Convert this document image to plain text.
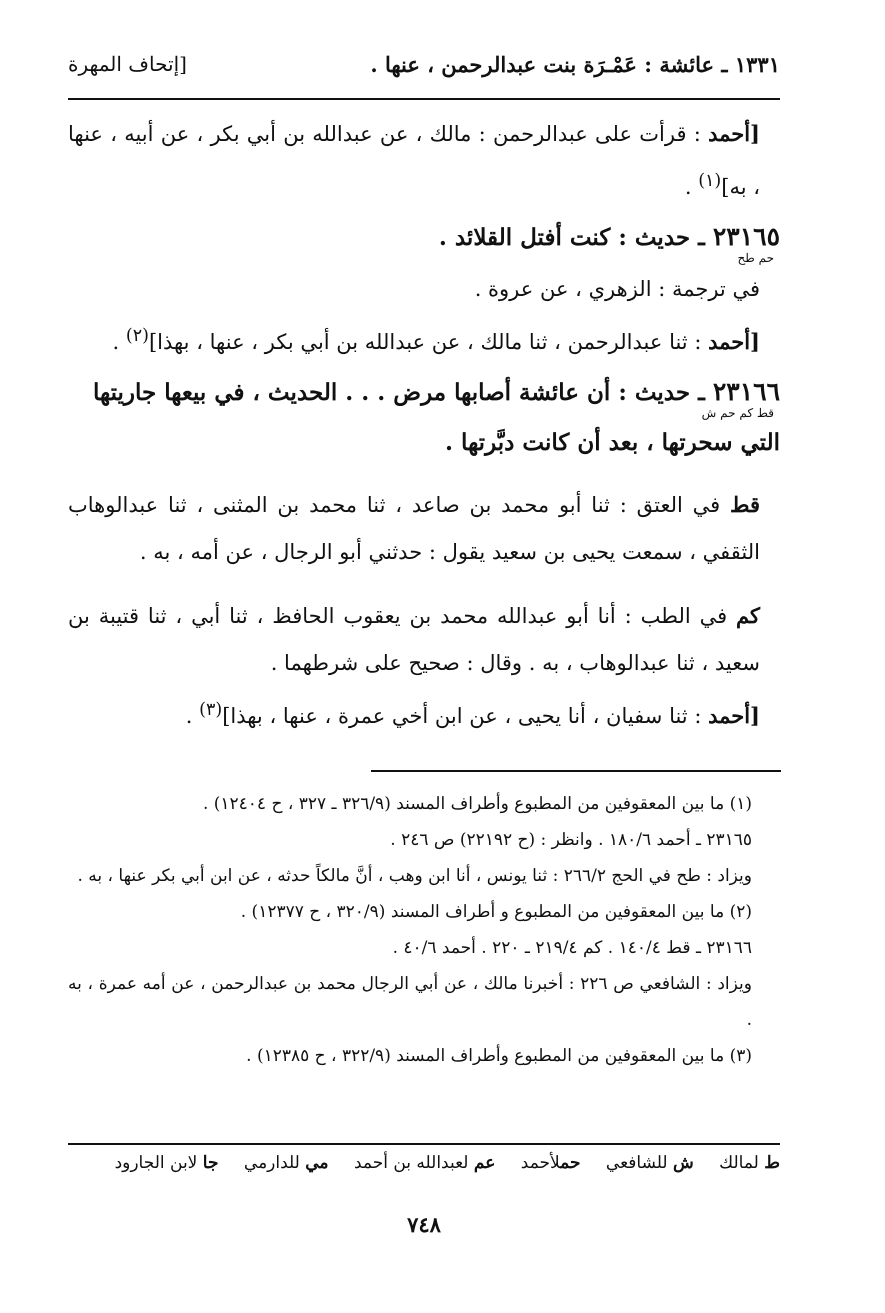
١٣٣١ ـ عائشة : عَمْـرَة بنت عبدالرحمن ، عنها .
[إتحاف المهرة

[أحمد : قرأت على عبدالرحمن : مالك ، عن عبدالله بن أبي بكر ، عن أبيه ، عنها ، به]$^{(١)}$ .

٢٣١٦٥ ـ حديث : كنت أفتل القلائد .
حم طح

في ترجمة : الزهري ، عن عروة .

[أحمد : ثنا عبدالرحمن ، ثنا مالك ، عن عبدالله بن أبي بكر ، عنها ، بهذا]$^{(٢)}$ .

٢٣١٦٦ ـ حديث : أن عائشة أصابها مرض . . . الحديث ، في بيعها جاريتها
قط كم حم ش
التي سحرتها ، بعد أن كانت دبَّرتها .

قط في العتق : ثنا أبو محمد بن صاعد ، ثنا محمد بن المثنى ، ثنا عبدالوهاب الثقفي ، سمعت يحيى بن سعيد يقول : حدثني أبو الرجال ، عن أمه ، به .

كم في الطب : أنا أبو عبدالله محمد بن يعقوب الحافظ ، ثنا أبي ، ثنا قتيبة بن سعيد ، ثنا عبدالوهاب ، به . وقال : صحيح على شرطهما .

[أحمد : ثنا سفيان ، أنا يحيى ، عن ابن أخي عمرة ، عنها ، بهذا]$^{(٣)}$ .

(١) ما بين المعقوفين من المطبوع وأطراف المسند (٣٢٦/٩ ـ ٣٢٧ ، ح ١٢٤٠٤) .

٢٣١٦٥ ـ أحمد ١٨٠/٦ . وانظر : (ح ٢٢١٩٢) ص ٢٤٦ .

ويزاد : طح في الحج ٢٦٦/٢ : ثنا يونس ، أنا ابن وهب ، أنَّ مالكاً حدثه ، عن ابن أبي بكر عنها ، به .

(٢) ما بين المعقوفين من المطبوع و أطراف المسند (٣٢٠/٩ ، ح ١٢٣٧٧) .

٢٣١٦٦ ـ قط ١٤٠/٤ . كم ٢١٩/٤ ـ ٢٢٠ . أحمد ٤٠/٦ .

ويزاد : الشافعي ص ٢٢٦ : أخبرنا مالك ، عن أبي الرجال محمد بن عبدالرحمن ، عن أمه عمرة ، به .

(٣) ما بين المعقوفين من المطبوع وأطراف المسند (٣٢٢/٩ ، ح ١٢٣٨٥) .

ط لمالك ش للشافعي حملأحمد عم لعبدالله بن أحمد مي للدارمي جا لابن الجارود
٧٤٨
